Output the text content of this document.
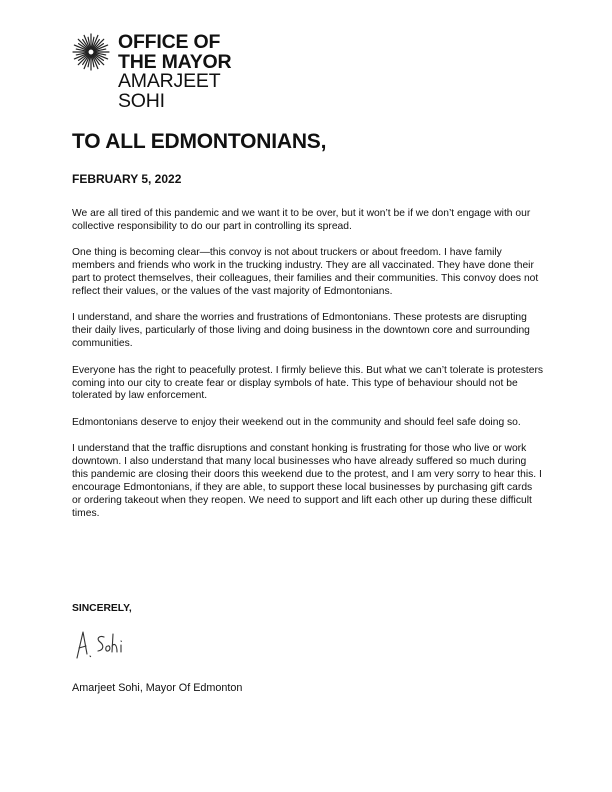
OFFICE OF
THE MAYOR
AMARJEET
SOHI
TO ALL EDMONTONIANS,

FEBRUARY 5, 2022

We are all tired of this pandemic and we want it to be over, but it won’t be if we don’t engage with our collective responsibility to do our part in controlling its spread.

One thing is becoming clear—this convoy is not about truckers or about freedom. I have family members and friends who work in the trucking industry. They are all vaccinated. They have done their part to protect themselves, their colleagues, their families and their communities. This convoy does not reflect their values, or the values of the vast majority of Edmontonians.

I understand, and share the worries and frustrations of Edmontonians. These protests are disrupting their daily lives, particularly of those living and doing business in the downtown core and surrounding communities.

Everyone has the right to peacefully protest. I firmly believe this. But what we can’t tolerate is protesters coming into our city to create fear or display symbols of hate. This type of behaviour should not be tolerated by law enforcement.

Edmontonians deserve to enjoy their weekend out in the community and should feel safe doing so.

I understand that the traffic disruptions and constant honking is frustrating for those who live or work downtown. I also understand that many local businesses who have already suffered so much during this pandemic are closing their doors this weekend due to the protest, and I am very sorry to hear this. I encourage Edmontonians, if they are able, to support these local businesses by purchasing gift cards or ordering takeout when they reopen. We need to support and lift each other up during these difficult times.

SINCERELY,

Amarjeet Sohi, Mayor Of Edmonton
